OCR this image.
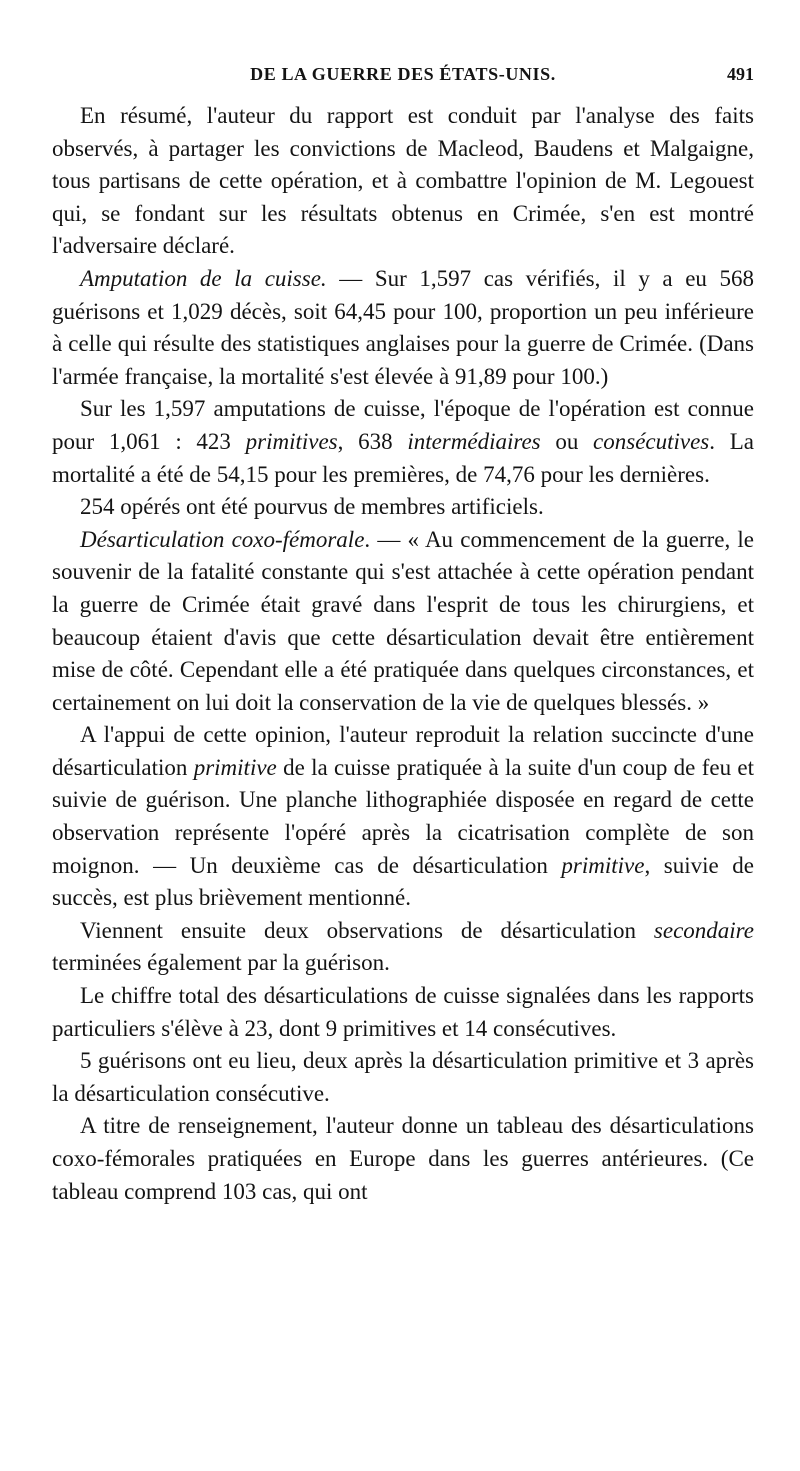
DE LA GUERRE DES ÉTATS-UNIS.	491

En résumé, l'auteur du rapport est conduit par l'analyse des faits observés, à partager les convictions de Macleod, Baudens et Malgaigne, tous partisans de cette opération, et à combattre l'opinion de M. Legouest qui, se fondant sur les résultats obtenus en Crimée, s'en est montré l'adversaire déclaré.

Amputation de la cuisse. — Sur 1,597 cas vérifiés, il y a eu 568 guérisons et 1,029 décès, soit 64,45 pour 100, proportion un peu inférieure à celle qui résulte des statistiques anglaises pour la guerre de Crimée. (Dans l'armée française, la mortalité s'est élevée à 91,89 pour 100.)

Sur les 1,597 amputations de cuisse, l'époque de l'opération est connue pour 1,061 : 423 primitives, 638 intermédiaires ou consécutives. La mortalité a été de 54,15 pour les premières, de 74,76 pour les dernières.

254 opérés ont été pourvus de membres artificiels.

Désarticulation coxo-fémorale. — « Au commencement de la guerre, le souvenir de la fatalité constante qui s'est attachée à cette opération pendant la guerre de Crimée était gravé dans l'esprit de tous les chirurgiens, et beaucoup étaient d'avis que cette désarticulation devait être entièrement mise de côté. Cependant elle a été pratiquée dans quelques circonstances, et certainement on lui doit la conservation de la vie de quelques blessés. »

A l'appui de cette opinion, l'auteur reproduit la relation succincte d'une désarticulation primitive de la cuisse pratiquée à la suite d'un coup de feu et suivie de guérison. Une planche lithographiée disposée en regard de cette observation représente l'opéré après la cicatrisation complète de son moignon. — Un deuxième cas de désarticulation primitive, suivie de succès, est plus brièvement mentionné.

Viennent ensuite deux observations de désarticulation secondaire terminées également par la guérison.

Le chiffre total des désarticulations de cuisse signalées dans les rapports particuliers s'élève à 23, dont 9 primitives et 14 consécutives.

5 guérisons ont eu lieu, deux après la désarticulation primitive et 3 après la désarticulation consécutive.

A titre de renseignement, l'auteur donne un tableau des désarticulations coxo-fémorales pratiquées en Europe dans les guerres antérieures. (Ce tableau comprend 103 cas, qui ont
